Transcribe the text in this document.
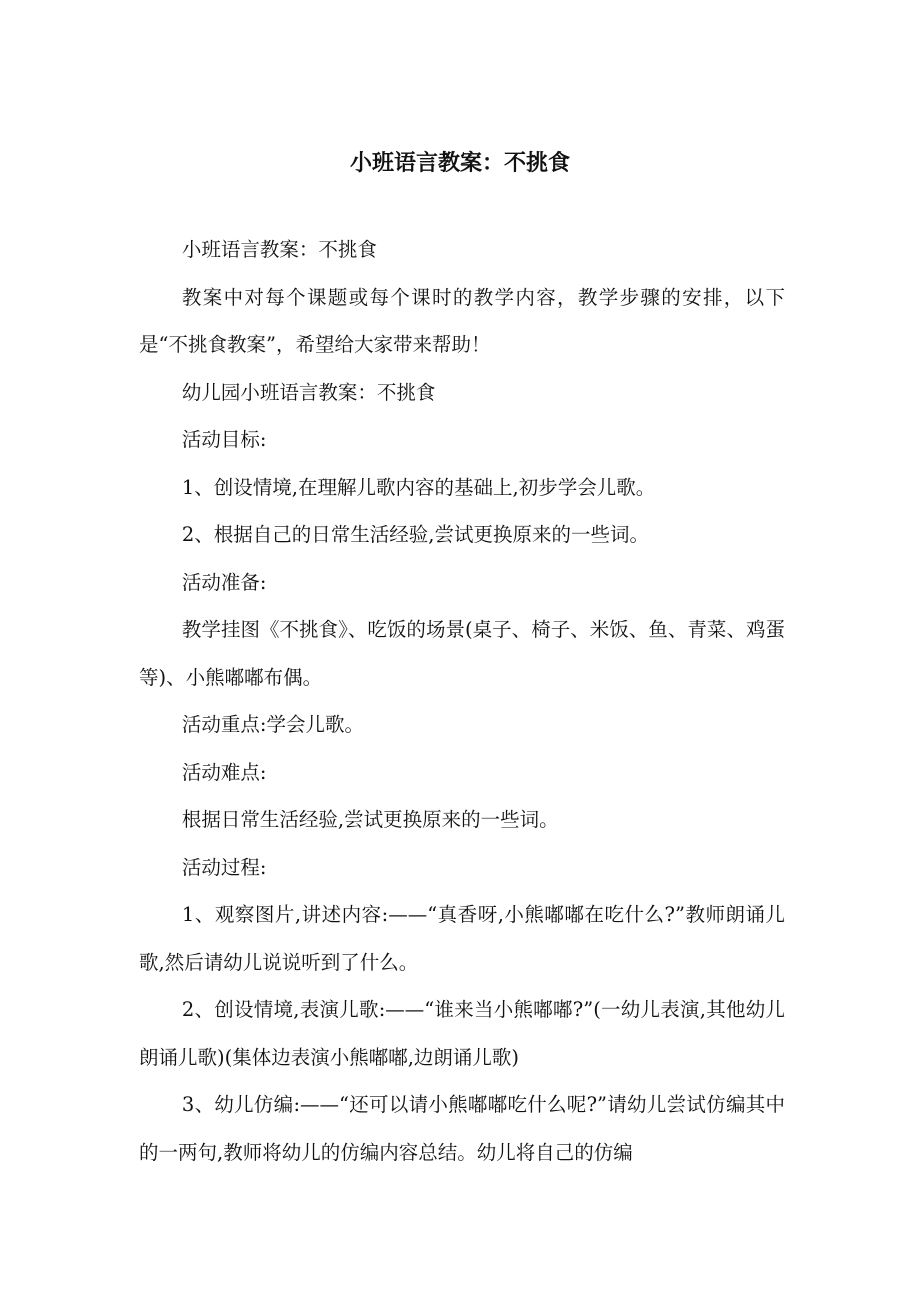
小班语言教案：不挑食

小班语言教案：不挑食

教案中对每个课题或每个课时的教学内容，教学步骤的安排，以下是“不挑食教案”，希望给大家带来帮助！

幼儿园小班语言教案：不挑食

活动目标:

1、创设情境,在理解儿歌内容的基础上,初步学会儿歌。

2、根据自己的日常生活经验,尝试更换原来的一些词。

活动准备:

教学挂图《不挑食》、吃饭的场景(桌子、椅子、米饭、鱼、青菜、鸡蛋等)、小熊嘟嘟布偶。

活动重点:学会儿歌。

活动难点:

根据日常生活经验,尝试更换原来的一些词。

活动过程:

1、观察图片,讲述内容:——“真香呀,小熊嘟嘟在吃什么?”教师朗诵儿歌,然后请幼儿说说听到了什么。

2、创设情境,表演儿歌:——“谁来当小熊嘟嘟?”(一幼儿表演,其他幼儿朗诵儿歌)(集体边表演小熊嘟嘟,边朗诵儿歌)

3、幼儿仿编:——“还可以请小熊嘟嘟吃什么呢?”请幼儿尝试仿编其中的一两句,教师将幼儿的仿编内容总结。幼儿将自己的仿编
